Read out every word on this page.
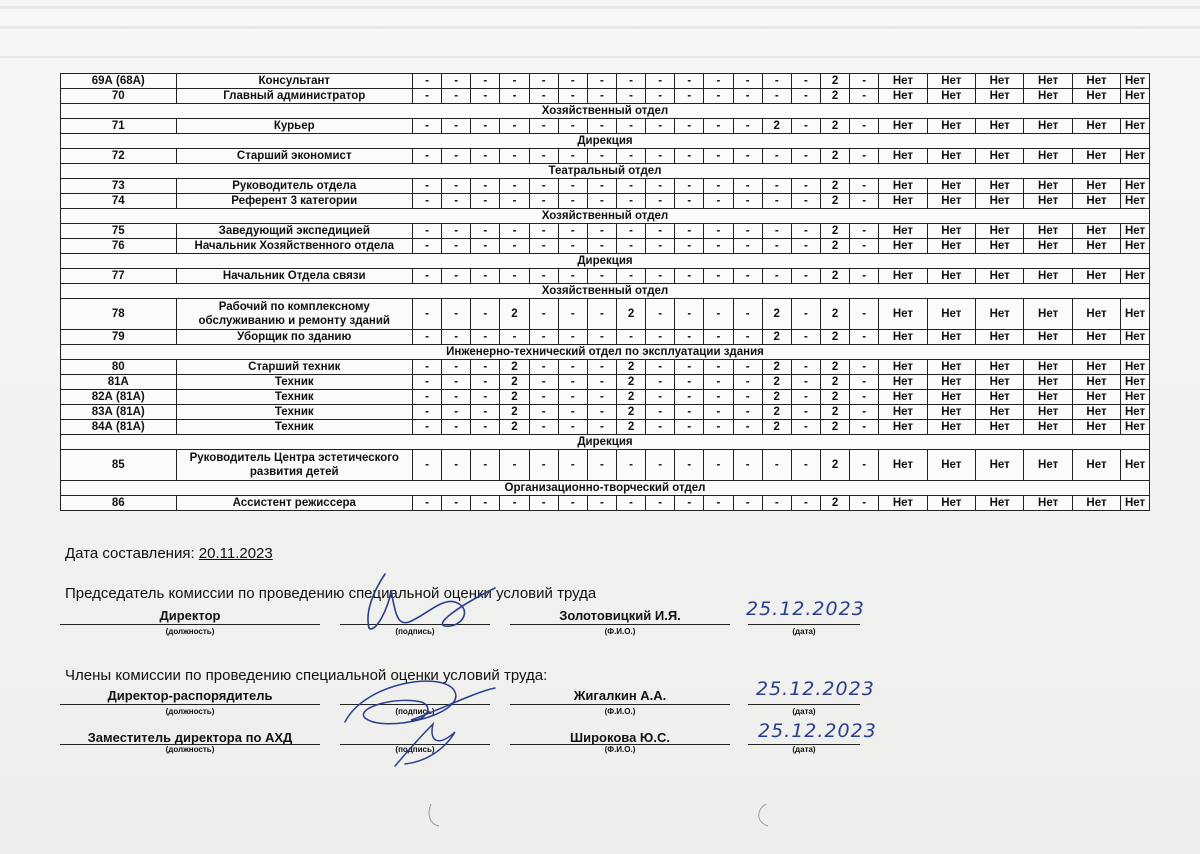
69А (68А)	Консультант	-	-	-	-	-	-	-	-	-	-	-	-	-	-	2	-	Нет	Нет	Нет	Нет	Нет	Нет
70	Главный администратор	-	-	-	-	-	-	-	-	-	-	-	-	-	-	2	-	Нет	Нет	Нет	Нет	Нет	Нет
Хозяйственный отдел																							
71	Курьер	-	-	-	-	-	-	-	-	-	-	-	-	2	-	2	-	Нет	Нет	Нет	Нет	Нет	Нет
Дирекция																							
72	Старший экономист	-	-	-	-	-	-	-	-	-	-	-	-	-	-	2	-	Нет	Нет	Нет	Нет	Нет	Нет
Театральный отдел																							
73	Руководитель отдела	-	-	-	-	-	-	-	-	-	-	-	-	-	-	2	-	Нет	Нет	Нет	Нет	Нет	Нет
74	Референт 3 категории	-	-	-	-	-	-	-	-	-	-	-	-	-	-	2	-	Нет	Нет	Нет	Нет	Нет	Нет
Хозяйственный отдел																							
75	Заведующий экспедицией	-	-	-	-	-	-	-	-	-	-	-	-	-	-	2	-	Нет	Нет	Нет	Нет	Нет	Нет
76	Начальник Хозяйственного отдела	-	-	-	-	-	-	-	-	-	-	-	-	-	-	2	-	Нет	Нет	Нет	Нет	Нет	Нет
Дирекция																							
77	Начальник Отдела связи	-	-	-	-	-	-	-	-	-	-	-	-	-	-	2	-	Нет	Нет	Нет	Нет	Нет	Нет
Хозяйственный отдел																							
78	Рабочий по комплексному обслуживанию и ремонту зданий	-	-	-	2	-	-	-	2	-	-	-	-	2	-	2	-	Нет	Нет	Нет	Нет	Нет	Нет
79	Уборщик по зданию	-	-	-	-	-	-	-	-	-	-	-	-	2	-	2	-	Нет	Нет	Нет	Нет	Нет	Нет
Инженерно-технический отдел по эксплуатации здания																							
80	Старший техник	-	-	-	2	-	-	-	2	-	-	-	-	2	-	2	-	Нет	Нет	Нет	Нет	Нет	Нет
81А	Техник	-	-	-	2	-	-	-	2	-	-	-	-	2	-	2	-	Нет	Нет	Нет	Нет	Нет	Нет
82А (81А)	Техник	-	-	-	2	-	-	-	2	-	-	-	-	2	-	2	-	Нет	Нет	Нет	Нет	Нет	Нет
83А (81А)	Техник	-	-	-	2	-	-	-	2	-	-	-	-	2	-	2	-	Нет	Нет	Нет	Нет	Нет	Нет
84А (81А)	Техник	-	-	-	2	-	-	-	2	-	-	-	-	2	-	2	-	Нет	Нет	Нет	Нет	Нет	Нет
Дирекция																							
85	Руководитель Центра эстетического развития детей	-	-	-	-	-	-	-	-	-	-	-	-	-	-	2	-	Нет	Нет	Нет	Нет	Нет	Нет
Организационно-творческий отдел																							
86	Ассистент режиссера	-	-	-	-	-	-	-	-	-	-	-	-	-	-	2	-	Нет	Нет	Нет	Нет	Нет	Нет
Дата составления: 20.11.2023
Председатель комиссии по проведению специальной оценки условий труда
Директор
(должность)	(подпись)
Золотовицкий И.Я.
(Ф.И.О.)	(дата)
25.12.2023
Члены комиссии по проведению специальной оценки условий труда:
Директор-распорядитель
(должность)	(подпись)
Жигалкин А.А.
(Ф.И.О.)	(дата)
25.12.2023
Заместитель директора по АХД
(должность)	(подпись)
Широкова Ю.С.
(Ф.И.О.)	(дата)
25.12.2023
